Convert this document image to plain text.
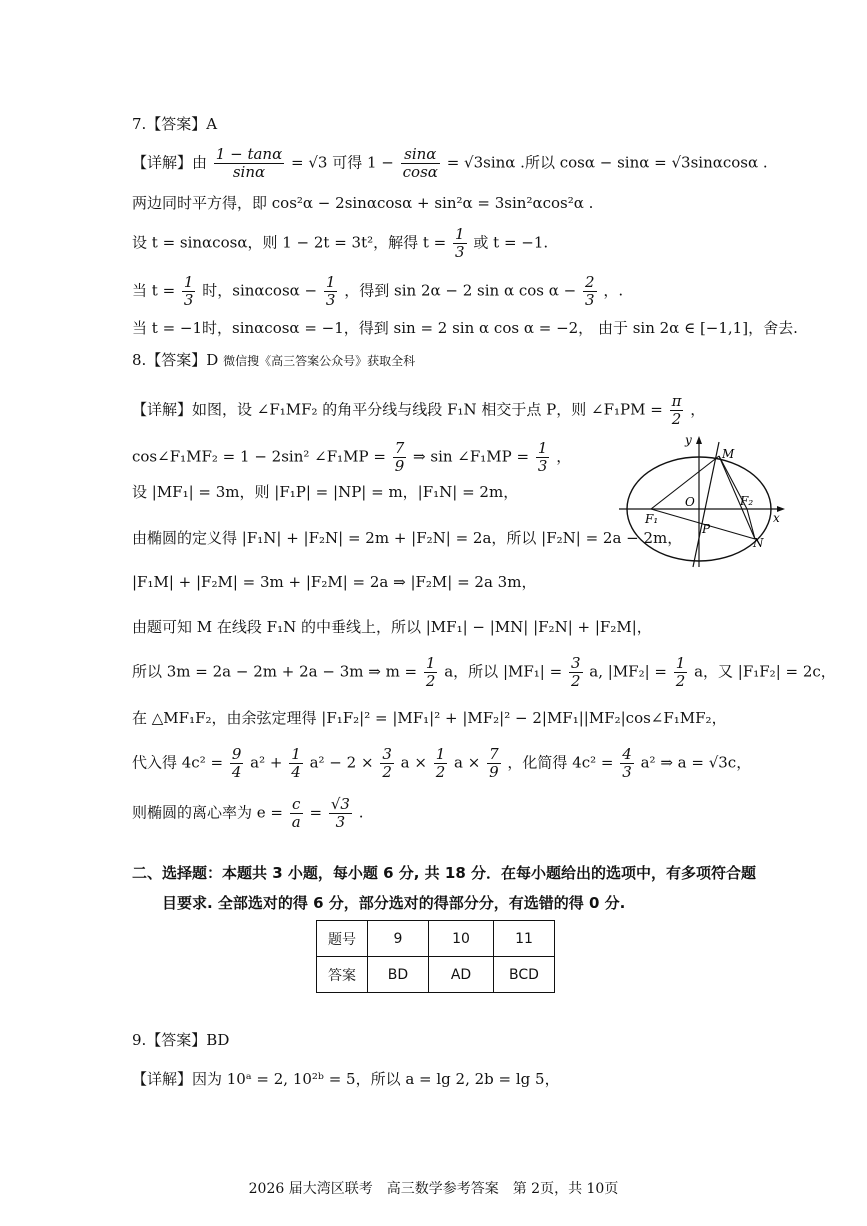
7.【答案】A
【详解】由 $\frac{1 - \tan\alpha}{\sin\alpha} = √3$ 可得 $1 - \frac{\sin\alpha}{\cos\alpha} = √3\sin\alpha$ .所以 cosα − sinα = √3sinαcosα .
两边同时平方得，即 cos²α − 2sinαcosα + sin²α = 3sin²αcos²α .
设 t = sinαcosα，则 1 − 2t = 3t²，解得 $t = \frac{1}{3}$ 或 t = −1.
当 $t = \frac{1}{3}$ 时，$\sin\alpha\cos\alpha - \frac{1}{3}$ ，得到 sin 2α − 2 sin α $\cos \alpha - \frac{2}{3}$ ，.
当 t = −1时，sinαcosα = −1，得到 sin = 2 sin α cos α = −2， 由于 sin 2α ∈ [−1,1]，舍去.
8.【答案】D 微信搜《高三答案公众号》获取全科
【详解】如图，设 ∠F₁MF₂ 的角平分线与线段 F₁N 相交于点 P，则 ∠F₁PM = $\frac{\pi}{2}$ ，
cos∠F₁MF₂ = 1 − 2sin² ∠F₁MP = $\frac{7}{9}$ ⇒ sin ∠F₁MP = $\frac{1}{3}$ ，
设 |MF₁| = 3m，则 |F₁P| = |NP| = m，|F₁N| = 2m，
由椭圆的定义得 |F₁N| + |F₂N| = 2m + |F₂N| = 2a，所以 |F₂N| = 2a − 2m，
|F₁M| + |F₂M| = 3m + |F₂M| = 2a ⇒ |F₂M| = 2a 3m，
由题可知 M 在线段 F₁N 的中垂线上，所以 |MF₁| − |MN| |F₂N| + |F₂M|，
所以 3m = 2a − 2m + 2a − 3m ⇒ $m = \frac{1}{2}$ a，所以 $|MF_1| = \frac{3}{2} a$, $|MF_2| = \frac{1}{2}$ a，又 |F₁F₂| = 2c，
在 △MF₁F₂，由余弦定理得 |F₁F₂|² = |MF₁|² + |MF₂|² − 2|MF₁||MF₂|cos∠F₁MF₂，
代入得 $4c^2 = \frac{9}{4} a^2 + \frac{1}{4} a^2 - 2 \times \frac{3}{2}$ $a \times \frac{1}{2}$ $a \times \frac{7}{9}$ ，化简得 $4c^2 = \frac{4}{3} a^2$ ⇒ a = √3c，
则椭圆的离心率为 $e = \frac{c}{a} = \frac{√3}{3}$ .
y
x
M
O	F₂
F₁
P
N
二、选择题：本题共 3 小题，每小题 6 分, 共 18 分．在每小题给出的选项中，有多项符合题
目要求. 全部选对的得 6 分，部分选对的得部分分，有选错的得 0 分.
题号	9	10	11
答案	BD	AD	BCD
9.【答案】BD
【详解】因为 10ᵃ = 2, 10²ᵇ = 5，所以 a = lg 2, 2b = lg 5，
2026 届大湾区联考　高三数学参考答案　第 2页，共 10页
